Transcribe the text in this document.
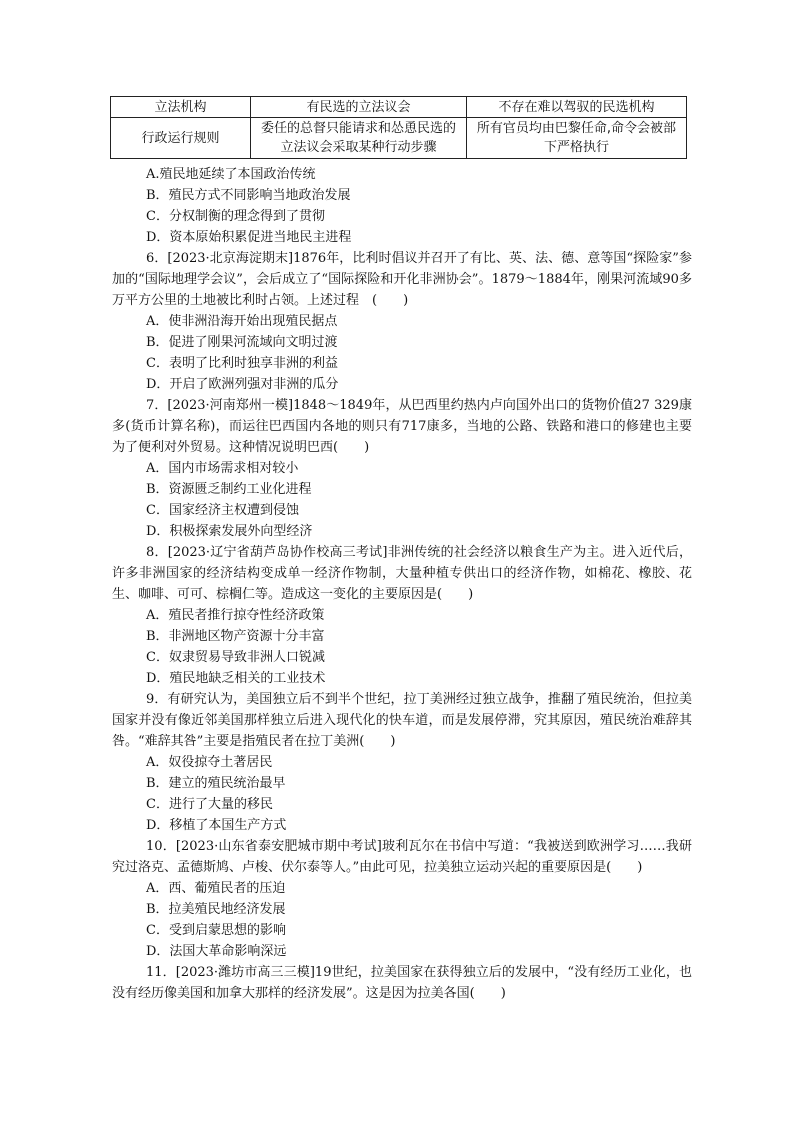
立法机构	有民选的立法议会	不存在难以驾驭的民选机构
行政运行规则	委任的总督只能请求和怂恿民选的立法议会采取某种行动步骤	所有官员均由巴黎任命,命令会被部下严格执行
A.殖民地延续了本国政治传统
B．殖民方式不同影响当地政治发展
C．分权制衡的理念得到了贯彻
D．资本原始积累促进当地民主进程
6．[2023·北京海淀期末]1876年，比利时倡议并召开了有比、英、法、德、意等国“探险家”参加的“国际地理学会议”，会后成立了“国际探险和开化非洲协会”。1879～1884年，刚果河流域90多万平方公里的土地被比利时占领。上述过程　(　　)
A．使非洲沿海开始出现殖民据点
B．促进了刚果河流域向文明过渡
C．表明了比利时独享非洲的利益
D．开启了欧洲列强对非洲的瓜分
7．[2023·河南郑州一模]1848～1849年，从巴西里约热内卢向国外出口的货物价值27 329康多(货币计算名称)，而运往巴西国内各地的则只有717康多，当地的公路、铁路和港口的修建也主要为了便利对外贸易。这种情况说明巴西(　　)
A．国内市场需求相对较小
B．资源匮乏制约工业化进程
C．国家经济主权遭到侵蚀
D．积极探索发展外向型经济
8．[2023·辽宁省葫芦岛协作校高三考试]非洲传统的社会经济以粮食生产为主。进入近代后，许多非洲国家的经济结构变成单一经济作物制，大量种植专供出口的经济作物，如棉花、橡胶、花生、咖啡、可可、棕榈仁等。造成这一变化的主要原因是(　　)
A．殖民者推行掠夺性经济政策
B．非洲地区物产资源十分丰富
C．奴隶贸易导致非洲人口锐减
D．殖民地缺乏相关的工业技术
9．有研究认为，美国独立后不到半个世纪，拉丁美洲经过独立战争，推翻了殖民统治，但拉美国家并没有像近邻美国那样独立后进入现代化的快车道，而是发展停滞，究其原因，殖民统治难辞其咎。“难辞其咎”主要是指殖民者在拉丁美洲(　　)
A．奴役掠夺土著居民
B．建立的殖民统治最早
C．进行了大量的移民
D．移植了本国生产方式
10．[2023·山东省泰安肥城市期中考试]玻利瓦尔在书信中写道：“我被送到欧洲学习……我研究过洛克、孟德斯鸠、卢梭、伏尔泰等人。”由此可见，拉美独立运动兴起的重要原因是(　　)
A．西、葡殖民者的压迫
B．拉美殖民地经济发展
C．受到启蒙思想的影响
D．法国大革命影响深远
11．[2023·潍坊市高三三模]19世纪，拉美国家在获得独立后的发展中，“没有经历工业化，也没有经历像美国和加拿大那样的经济发展”。这是因为拉美各国(　　)
